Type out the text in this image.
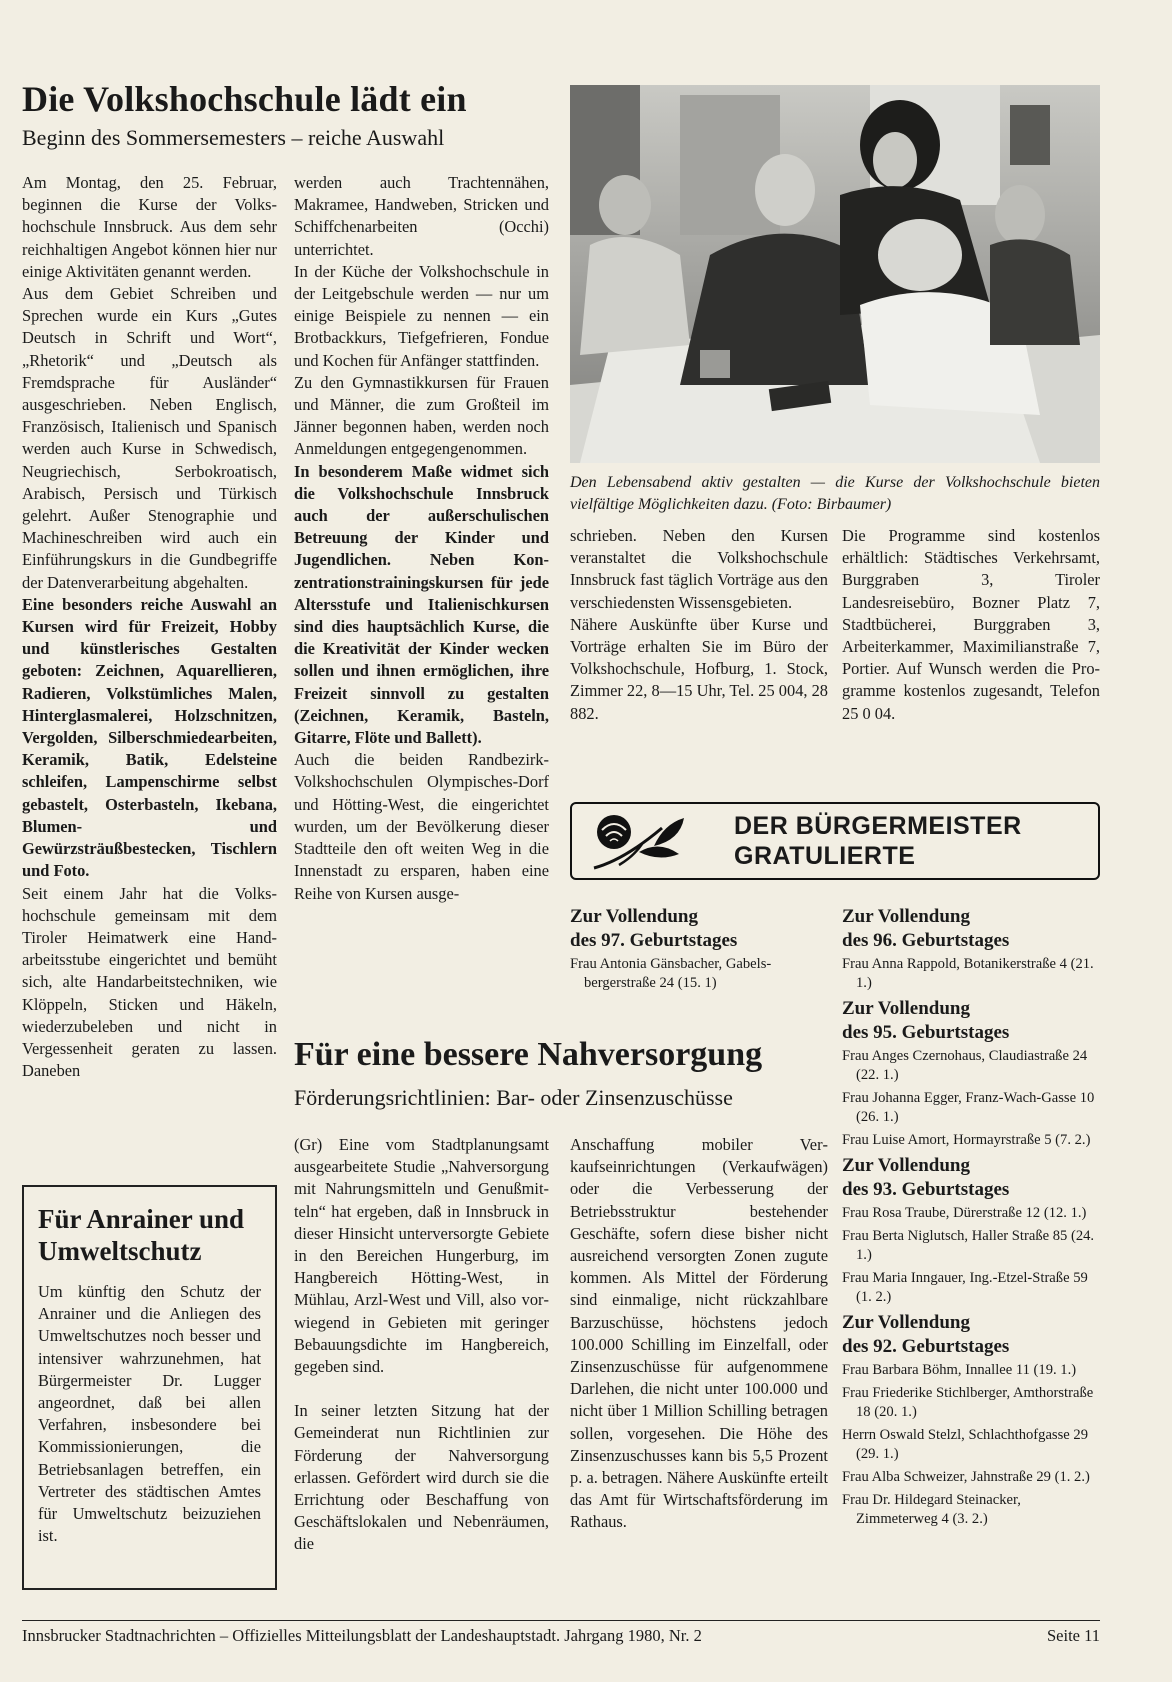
Die Volkshochschule lädt ein
Beginn des Sommersemesters – reiche Auswahl

Am Montag, den 25. Februar, beginnen die Kurse der Volkshochschule Innsbruck. Aus dem sehr reichhaltigen Angebot können hier nur einige Aktivitäten genannt werden.

Aus dem Gebiet Schreiben und Sprechen wurde ein Kurs „Gutes Deutsch in Schrift und Wort“, „Rhetorik“ und „Deutsch als Fremdsprache für Ausländer“ ausgeschrieben. Neben Englisch, Französisch, Italienisch und Spanisch werden auch Kurse in Schwedisch, Neugriechisch, Serbokroatisch, Arabisch, Persisch und Türkisch gelehrt. Außer Stenographie und Machineschreiben wird auch ein Einführungskurs in die Gundbegriffe der Datenverarbeitung abgehalten.

Eine besonders reiche Auswahl an Kursen wird für Freizeit, Hobby und künstlerisches Gestalten geboten: Zeichnen, Aquarellieren, Radieren, Volkstümliches Malen, Hinterglasmalerei, Holzschnitzen, Vergolden, Silberschmiedearbeiten, Keramik, Batik, Edelsteine schleifen, Lampenschirme selbst gebastelt, Osterbasteln, Ikebana, Blumen- und Gewürzsträußbestecken, Tischlern und Foto.

Seit einem Jahr hat die Volkshochschule gemeinsam mit dem Tiroler Heimatwerk eine Handarbeitsstube eingerichtet und bemüht sich, alte Handarbeitstechniken, wie Klöppeln, Sticken und Häkeln, wiederzubeleben und nicht in Vergessenheit geraten zu lassen. Daneben

werden auch Trachtennähen, Makramee, Handweben, Stricken und Schiffchenarbeiten (Occhi) unterrichtet.

In der Küche der Volkshochschule in der Leitgebschule werden — nur um einige Beispiele zu nennen — ein Brotbackkurs, Tiefgefrieren, Fondue und Kochen für Anfänger stattfinden.

Zu den Gymnastikkursen für Frauen und Männer, die zum Großteil im Jänner begonnen haben, werden noch Anmeldungen entgegengenommen.

In besonderem Maße widmet sich die Volkshochschule Innsbruck auch der außerschulischen Betreuung der Kinder und Jugendlichen. Neben Konzentrationstrainingskursen für jede Altersstufe und Italienischkursen sind dies hauptsächlich Kurse, die die Kreativität der Kinder wecken sollen und ihnen ermöglichen, ihre Freizeit sinnvoll zu gestalten (Zeichnen, Keramik, Basteln, Gitarre, Flöte und Ballett).

Auch die beiden Randbezirk-Volkshochschulen Olympisches-Dorf und Hötting-West, die eingerichtet wurden, um der Bevölkerung dieser Stadtteile den oft weiten Weg in die Innenstadt zu ersparen, haben eine Reihe von Kursen ausge-

Den Lebensabend aktiv gestalten — die Kurse der Volkshochschule bieten vielfältige Möglichkeiten dazu. (Foto: Birbaumer)

schrieben. Neben den Kursen veranstaltet die Volkshochschule Innsbruck fast täglich Vorträge aus den verschiedensten Wissensgebieten.

Nähere Auskünfte über Kurse und Vorträge erhalten Sie im Büro der Volkshochschule, Hofburg, 1. Stock, Zimmer 22, 8—15 Uhr, Tel. 25 004, 28 882.

Die Programme sind kostenlos erhältlich: Städtisches Verkehrsamt, Burggraben 3, Tiroler Landesreisebüro, Bozner Platz 7, Stadtbücherei, Burggraben 3, Arbeiterkammer, Maximilianstraße 7, Portier. Auf Wunsch werden die Programme kostenlos zugesandt, Telefon 25 0 04.

Für Anrainer und
Umweltschutz

Um künftig den Schutz der Anrainer und die Anliegen des Umweltschutzes noch besser und intensiver wahrzunehmen, hat Bürgermeister Dr. Lugger angeordnet, daß bei allen Verfahren, insbesondere bei Kommissionierungen, die Betriebsanlagen betreffen, ein Vertreter des städtischen Amtes für Umweltschutz beizuziehen ist.

DER BÜRGERMEISTER
GRATULIERTE
Zur Vollendung
des 97. Geburtstages
Frau Antonia Gänsbacher, Gabelsbergerstraße 24 (15. 1)
Zur Vollendung
des 96. Geburtstages
Frau Anna Rappold, Botanikerstraße 4 (21. 1.)
Zur Vollendung
des 95. Geburtstages
Frau Anges Czernohaus, Claudiastraße 24 (22. 1.)
Frau Johanna Egger, Franz-Wach-Gasse 10 (26. 1.)
Frau Luise Amort, Hormayrstraße 5 (7. 2.)
Zur Vollendung
des 93. Geburtstages
Frau Rosa Traube, Dürerstraße 12 (12. 1.)
Frau Berta Niglutsch, Haller Straße 85 (24. 1.)
Frau Maria Inngauer, Ing.-Etzel-Straße 59 (1. 2.)
Zur Vollendung
des 92. Geburtstages
Frau Barbara Böhm, Innallee 11 (19. 1.)
Frau Friederike Stichlberger, Amthorstraße 18 (20. 1.)
Herrn Oswald Stelzl, Schlachthofgasse 29 (29. 1.)
Frau Alba Schweizer, Jahnstraße 29 (1. 2.)
Frau Dr. Hildegard Steinacker, Zimmeterweg 4 (3. 2.)
Für eine bessere Nahversorgung
Förderungsrichtlinien: Bar- oder Zinsenzuschüsse

(Gr) Eine vom Stadtplanungsamt ausgearbeitete Studie „Nahversorgung mit Nahrungsmitteln und Genußmitteln“ hat ergeben, daß in Innsbruck in dieser Hinsicht unterversorgte Gebiete in den Bereichen Hungerburg, im Hangbereich Hötting-West, in Mühlau, Arzl-West und Vill, also vorwiegend in Gebieten mit geringer Bebauungsdichte im Hangbereich, gegeben sind.

In seiner letzten Sitzung hat der Gemeinderat nun Richtlinien zur Förderung der Nahversorgung erlassen. Gefördert wird durch sie die Errichtung oder Beschaffung von Geschäftslokalen und Nebenräumen, die

Anschaffung mobiler Verkaufseinrichtungen (Verkaufwägen) oder die Verbesserung der Betriebsstruktur bestehender Geschäfte, sofern diese bisher nicht ausreichend versorgten Zonen zugute kommen. Als Mittel der Förderung sind einmalige, nicht rückzahlbare Barzuschüsse, höchstens jedoch 100.000 Schilling im Einzelfall, oder Zinsenzuschüsse für aufgenommene Darlehen, die nicht unter 100.000 und nicht über 1 Million Schilling betragen sollen, vorgesehen. Die Höhe des Zinsenzuschusses kann bis 5,5 Prozent p. a. betragen. Nähere Auskünfte erteilt das Amt für Wirtschaftsförderung im Rathaus.

Innsbrucker Stadtnachrichten – Offizielles Mitteilungsblatt der Landeshauptstadt. Jahrgang 1980, Nr. 2	Seite 11
